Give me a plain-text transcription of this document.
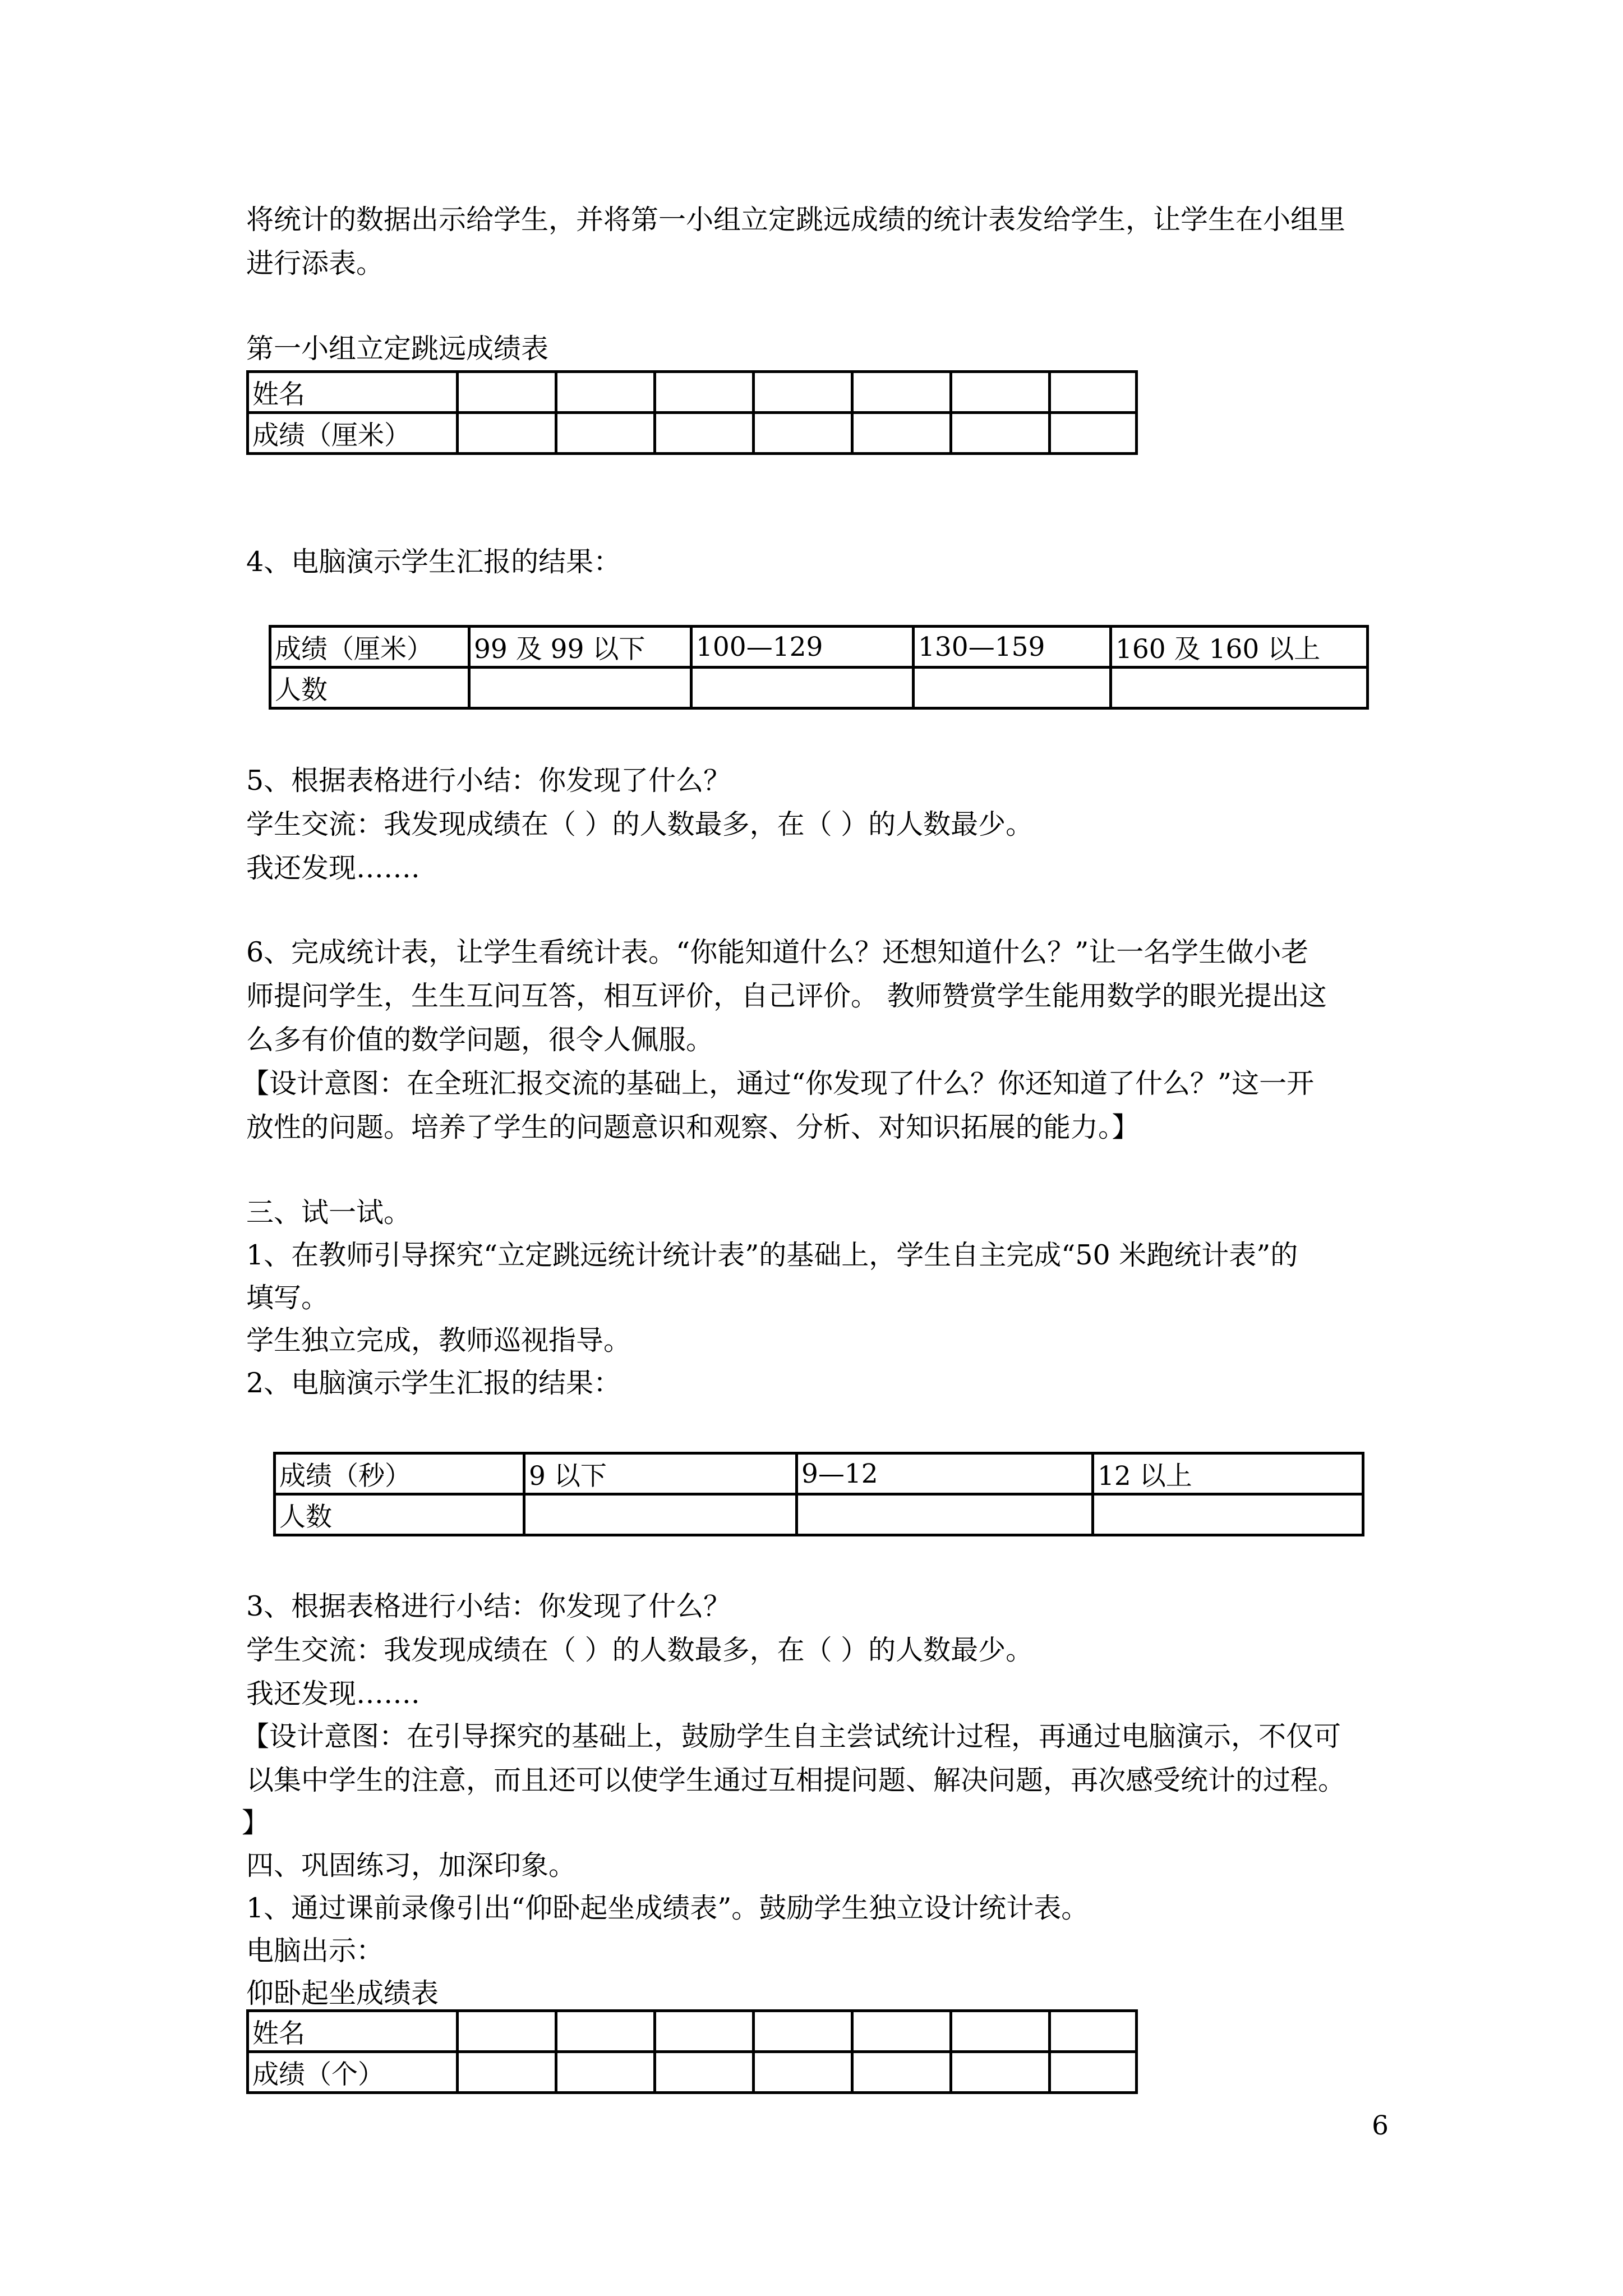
将统计的数据出示给学生，并将第一小组立定跳远成绩的统计表发给学生，让学生在小组里
进行添表。
第一小组立定跳远成绩表
姓名							
成绩（厘米）							
4、电脑演示学生汇报的结果：
成绩（厘米）	99 及 99 以下	100—129	130—159	160 及 160 以上
人数				
5、根据表格进行小结：你发现了什么？
学生交流：我发现成绩在（ ）的人数最多，在（ ）的人数最少。
我还发现…….
6、完成统计表，让学生看统计表。“你能知道什么？还想知道什么？”让一名学生做小老
师提问学生，生生互问互答，相互评价，自己评价。 教师赞赏学生能用数学的眼光提出这
么多有价值的数学问题，很令人佩服。
【设计意图：在全班汇报交流的基础上，通过“你发现了什么？你还知道了什么？”这一开
放性的问题。培养了学生的问题意识和观察、分析、对知识拓展的能力。】
三、试一试。
1、在教师引导探究“立定跳远统计统计表”的基础上，学生自主完成“50 米跑统计表”的
填写。
学生独立完成，教师巡视指导。
2、电脑演示学生汇报的结果：
成绩（秒）	9 以下	9—12	12 以上
人数			
3、根据表格进行小结：你发现了什么？
学生交流：我发现成绩在（ ）的人数最多，在（ ）的人数最少。
我还发现…….
【设计意图：在引导探究的基础上，鼓励学生自主尝试统计过程，再通过电脑演示，不仅可
以集中学生的注意，而且还可以使学生通过互相提问题、解决问题，再次感受统计的过程。
】
四、巩固练习，加深印象。
1、通过课前录像引出“仰卧起坐成绩表”。鼓励学生独立设计统计表。
电脑出示：
仰卧起坐成绩表
姓名							
成绩（个）							
6
